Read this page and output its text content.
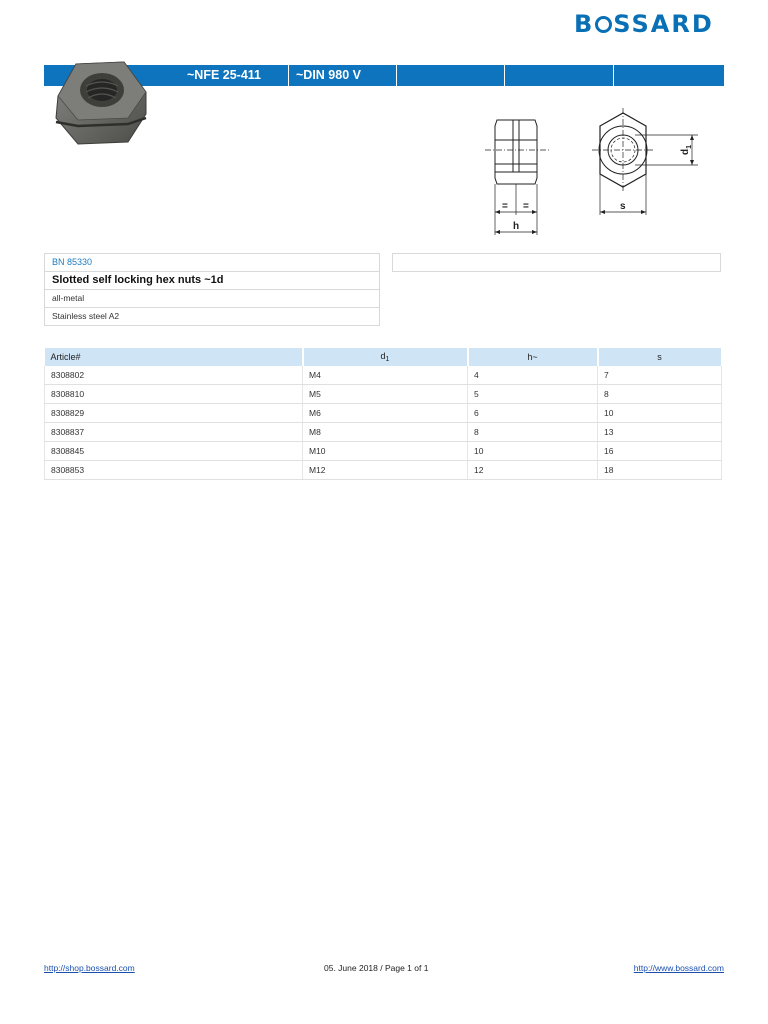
B SSARD
~NFE 25-411	~DIN 980 V
= =
h
s
$d_1$
BN 85330
Slotted self locking hex nuts ~1d
all-metal
Stainless steel A2
Article#	$d_1$	h~	s
8308802	M4	4	7
8308810	M5	5	8
8308829	M6	6	10
8308837	M8	8	13
8308845	M10	10	16
8308853	M12	12	18
http://shop.bossard.com	05. June 2018 / Page 1 of 1	http://www.bossard.com
